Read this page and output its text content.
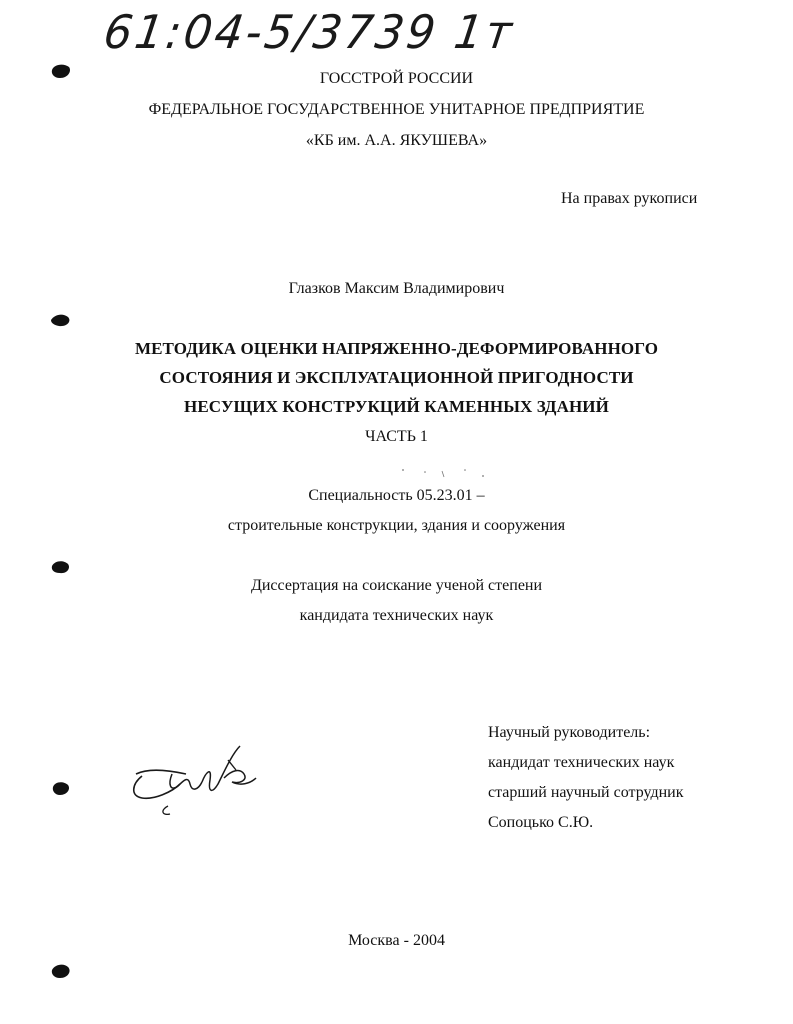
61:04-5/3739 1т
ГОССТРОЙ РОССИИ
ФЕДЕРАЛЬНОЕ ГОСУДАРСТВЕННОЕ УНИТАРНОЕ ПРЕДПРИЯТИЕ
«КБ им. А.А. ЯКУШЕВА»
На правах рукописи
Глазков Максим Владимирович
МЕТОДИКА ОЦЕНКИ НАПРЯЖЕННО-ДЕФОРМИРОВАННОГО
СОСТОЯНИЯ И ЭКСПЛУАТАЦИОННОЙ ПРИГОДНОСТИ
НЕСУЩИХ КОНСТРУКЦИЙ КАМЕННЫХ ЗДАНИЙ
ЧАСТЬ 1
Специальность 05.23.01 –
строительные конструкции, здания и сооружения
Диссертация на соискание ученой степени
кандидата технических наук
Научный руководитель:
кандидат технических наук
старший научный сотрудник
Сопоцько С.Ю.
Москва - 2004
